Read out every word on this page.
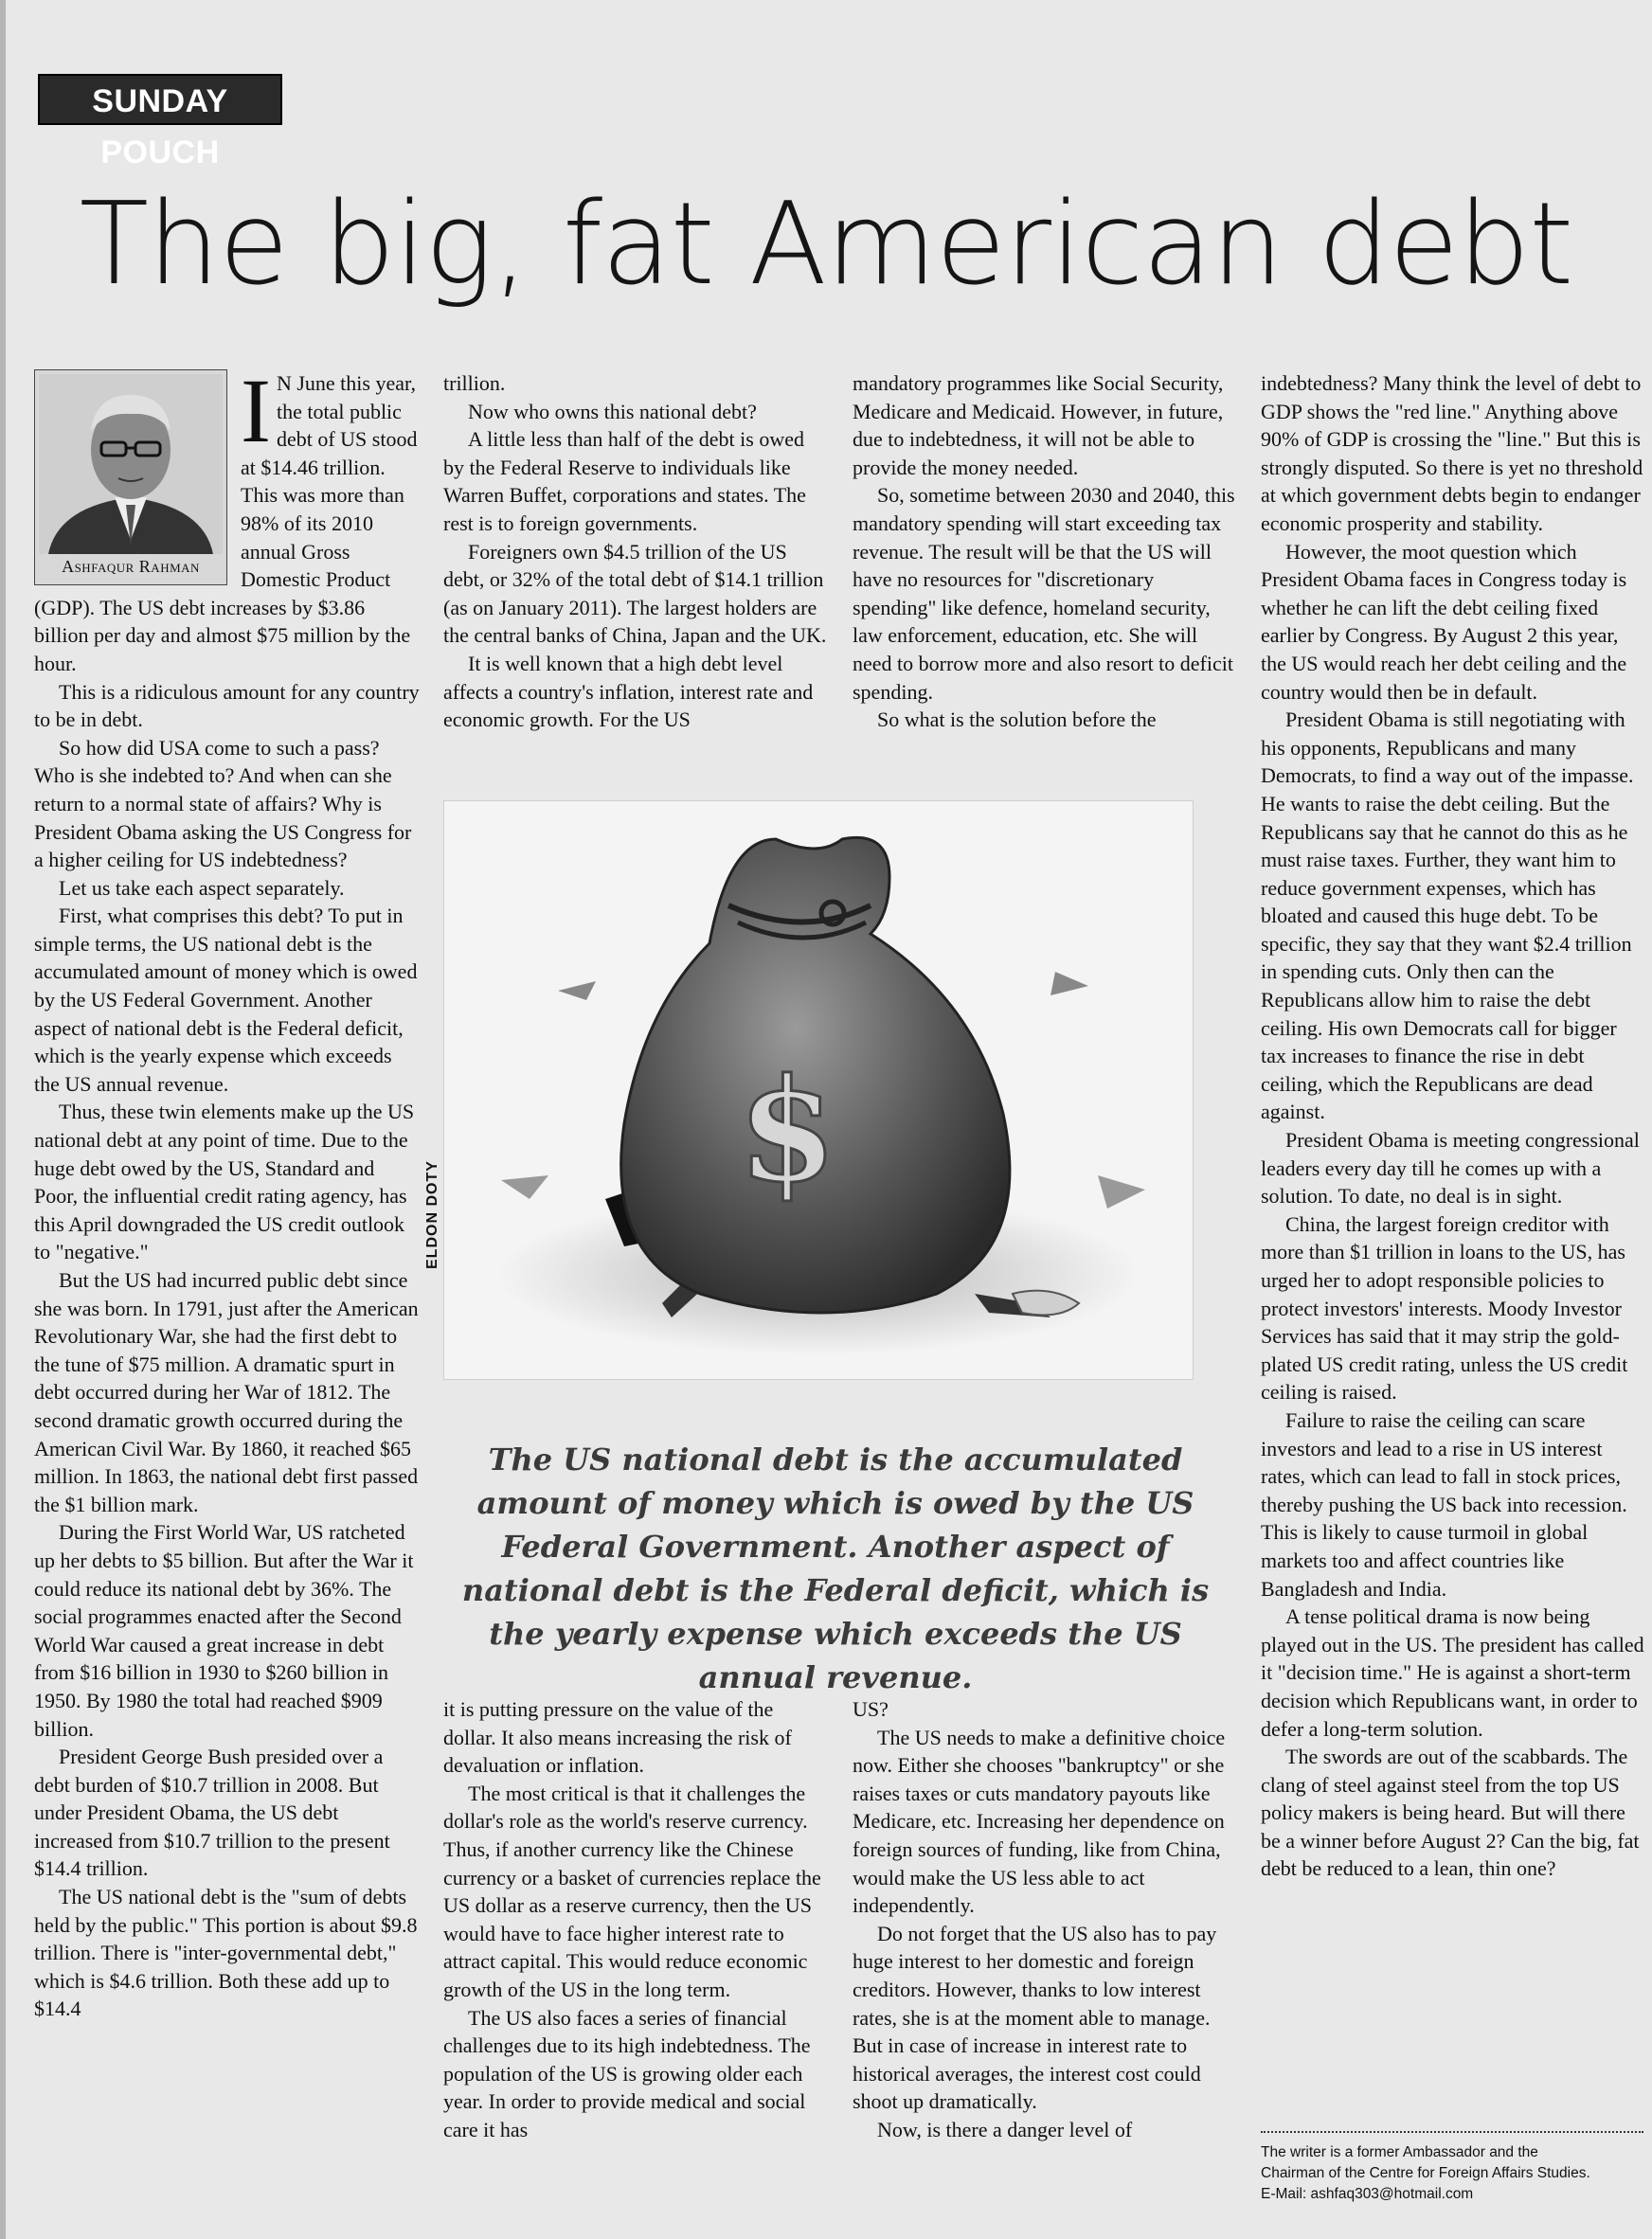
SUNDAY POUCH
The big, fat American debt
Ashfaqur Rahman

I N June this year, the total public debt of US stood at $14.46 trillion. This was more than 98% of its 2010 annual Gross Domestic Product (GDP). The US debt increases by $3.86 billion per day and almost $75 million by the hour.

This is a ridiculous amount for any country to be in debt.

So how did USA come to such a pass? Who is she indebted to? And when can she return to a normal state of affairs? Why is President Obama asking the US Congress for a higher ceiling for US indebtedness?

Let us take each aspect separately.

First, what comprises this debt? To put in simple terms, the US national debt is the accumulated amount of money which is owed by the US Federal Government. Another aspect of national debt is the Federal deficit, which is the yearly expense which exceeds the US annual revenue.

Thus, these twin elements make up the US national debt at any point of time. Due to the huge debt owed by the US, Standard and Poor, the influential credit rating agency, has this April downgraded the US credit outlook to "negative."

But the US had incurred public debt since she was born. In 1791, just after the American Revolutionary War, she had the first debt to the tune of $75 million. A dramatic spurt in debt occurred during her War of 1812. The second dramatic growth occurred during the American Civil War. By 1860, it reached $65 million. In 1863, the national debt first passed the $1 billion mark.

During the First World War, US ratcheted up her debts to $5 billion. But after the War it could reduce its national debt by 36%. The social programmes enacted after the Second World War caused a great increase in debt from $16 billion in 1930 to $260 billion in 1950. By 1980 the total had reached $909 billion.

President George Bush presided over a debt burden of $10.7 trillion in 2008. But under President Obama, the US debt increased from $10.7 trillion to the present $14.4 trillion.

The US national debt is the "sum of debts held by the public." This portion is about $9.8 trillion. There is "inter-governmental debt," which is $4.6 trillion. Both these add up to $14.4

trillion.

Now who owns this national debt?

A little less than half of the debt is owed by the Federal Reserve to individuals like Warren Buffet, corporations and states. The rest is to foreign governments.

Foreigners own $4.5 trillion of the US debt, or 32% of the total debt of $14.1 trillion (as on January 2011). The largest holders are the central banks of China, Japan and the UK.

It is well known that a high debt level affects a country's inflation, interest rate and economic growth. For the US

mandatory programmes like Social Security, Medicare and Medicaid. However, in future, due to indebtedness, it will not be able to provide the money needed.

So, sometime between 2030 and 2040, this mandatory spending will start exceeding tax revenue. The result will be that the US will have no resources for "discretionary spending" like defence, homeland security, law enforcement, education, etc. She will need to borrow more and also resort to deficit spending.

So what is the solution before the

indebtedness? Many think the level of debt to GDP shows the "red line." Anything above 90% of GDP is crossing the "line." But this is strongly disputed. So there is yet no threshold at which government debts begin to endanger economic prosperity and stability.

However, the moot question which President Obama faces in Congress today is whether he can lift the debt ceiling fixed earlier by Congress. By August 2 this year, the US would reach her debt ceiling and the country would then be in default.

President Obama is still negotiating with his opponents, Republicans and many Democrats, to find a way out of the impasse. He wants to raise the debt ceiling. But the Republicans say that he cannot do this as he must raise taxes. Further, they want him to reduce government expenses, which has bloated and caused this huge debt. To be specific, they say that they want $2.4 trillion in spending cuts. Only then can the Republicans allow him to raise the debt ceiling. His own Democrats call for bigger tax increases to finance the rise in debt ceiling, which the Republicans are dead against.

President Obama is meeting congressional leaders every day till he comes up with a solution. To date, no deal is in sight.

China, the largest foreign creditor with more than $1 trillion in loans to the US, has urged her to adopt responsible policies to protect investors' interests. Moody Investor Services has said that it may strip the gold-plated US credit rating, unless the US credit ceiling is raised.

Failure to raise the ceiling can scare investors and lead to a rise in US interest rates, which can lead to fall in stock prices, thereby pushing the US back into recession. This is likely to cause turmoil in global markets too and affect countries like Bangladesh and India.

A tense political drama is now being played out in the US. The president has called it "decision time." He is against a short-term decision which Republicans want, in order to defer a long-term solution.

The swords are out of the scabbards. The clang of steel against steel from the top US policy makers is being heard. But will there be a winner before August 2? Can the big, fat debt be reduced to a lean, thin one?

$
ELDON DOTY
The US national debt is the accumulated amount of money which is owed by the US Federal Government. Another aspect of national debt is the Federal deficit, which is the yearly expense which exceeds the US annual revenue.

it is putting pressure on the value of the dollar. It also means increasing the risk of devaluation or inflation.

The most critical is that it challenges the dollar's role as the world's reserve currency. Thus, if another currency like the Chinese currency or a basket of currencies replace the US dollar as a reserve currency, then the US would have to face higher interest rate to attract capital. This would reduce economic growth of the US in the long term.

The US also faces a series of financial challenges due to its high indebtedness. The population of the US is growing older each year. In order to provide medical and social care it has

US?

The US needs to make a definitive choice now. Either she chooses "bankruptcy" or she raises taxes or cuts mandatory payouts like Medicare, etc. Increasing her dependence on foreign sources of funding, like from China, would make the US less able to act independently.

Do not forget that the US also has to pay huge interest to her domestic and foreign creditors. However, thanks to low interest rates, she is at the moment able to manage. But in case of increase in interest rate to historical averages, the interest cost could shoot up dramatically.

Now, is there a danger level of

The writer is a former Ambassador and the
Chairman of the Centre for Foreign Affairs Studies.
E-Mail: ashfaq303@hotmail.com
